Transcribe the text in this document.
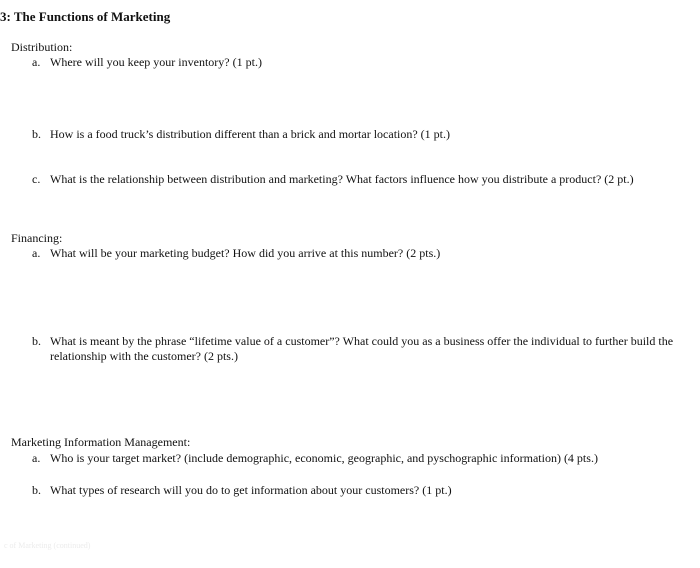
3: The Functions of Marketing
Distribution:
a. Where will you keep your inventory? (1 pt.)
b. How is a food truck’s distribution different than a brick and mortar location? (1 pt.)
c. What is the relationship between distribution and marketing? What factors influence how you distribute a product? (2 pt.)
Financing:
a. What will be your marketing budget? How did you arrive at this number? (2 pts.)
b. What is meant by the phrase “lifetime value of a customer”? What could you as a business offer the individual to further build the relationship with the customer? (2 pts.)
Marketing Information Management:
a. Who is your target market? (include demographic, economic, geographic, and pyschographic information) (4 pts.)
b. What types of research will you do to get information about your customers? (1 pt.)
c of Marketing (continued)
